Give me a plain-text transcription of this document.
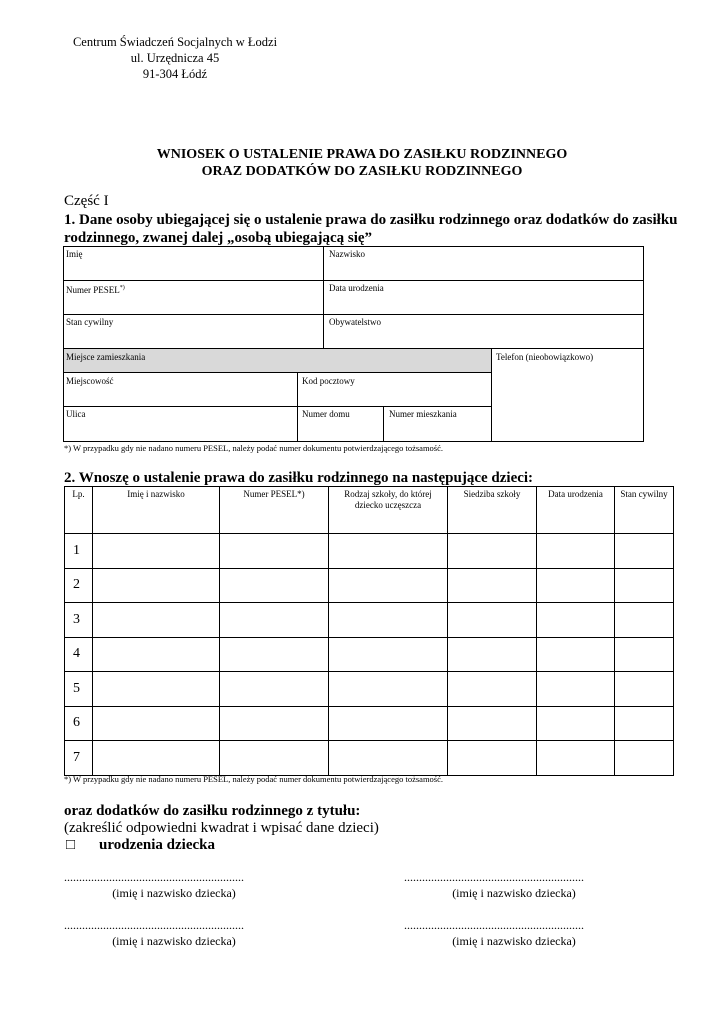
Centrum Świadczeń Socjalnych w Łodzi
ul. Urzędnicza 45
91-304 Łódź
WNIOSEK O USTALENIE PRAWA DO ZASIŁKU RODZINNEGO
ORAZ DODATKÓW DO ZASIŁKU RODZINNEGO
Część I
1. Dane osoby ubiegającej się o ustalenie prawa do zasiłku rodzinnego oraz dodatków do zasiłku rodzinnego, zwanej dalej „osobą ubiegającą się”
Imię	Nazwisko
Numer PESEL*)	Data urodzenia
Stan cywilny	Obywatelstwo
Miejsce zamieszkania	Telefon (nieobowiązkowo)
Miejscowość	Kod pocztowy
Ulica	Numer domu	Numer mieszkania
*) W przypadku gdy nie nadano numeru PESEL, należy podać numer dokumentu potwierdzającego tożsamość.
2. Wnoszę o ustalenie prawa do zasiłku rodzinnego na następujące dzieci:
Lp.	Imię i nazwisko	Numer PESEL*)	Rodzaj szkoły, do której dziecko uczęszcza	Siedziba szkoły	Data urodzenia	Stan cywilny
1						
2						
3						
4						
5						
6						
7						
*) W przypadku gdy nie nadano numeru PESEL, należy podać numer dokumentu potwierdzającego tożsamość.
oraz dodatków do zasiłku rodzinnego z tytułu:
(zakreślić odpowiedni kwadrat i wpisać dane dzieci)
□ urodzenia dziecka
............................................................	............................................................
(imię i nazwisko dziecka)	(imię i nazwisko dziecka)
............................................................	............................................................
(imię i nazwisko dziecka)	(imię i nazwisko dziecka)
